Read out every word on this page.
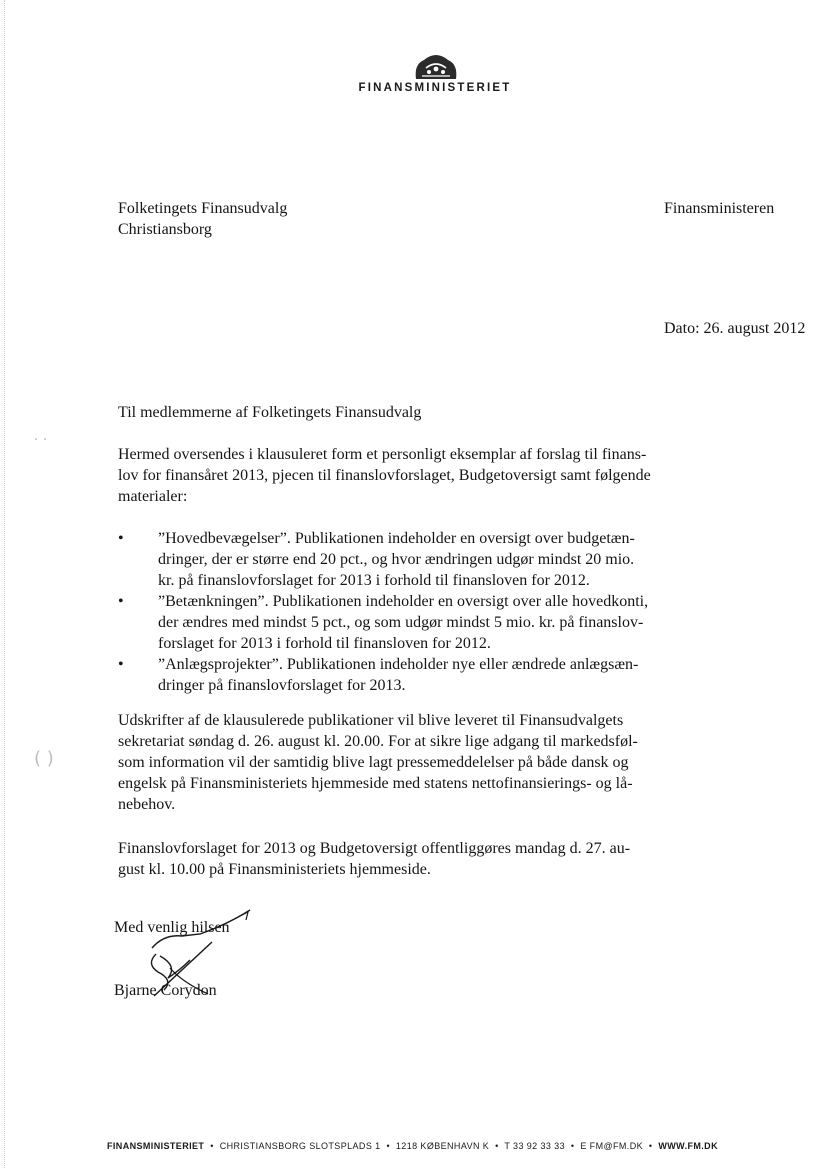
FINANSMINISTERIET
Folketingets Finansudvalg
Christiansborg
Finansministeren
Dato: 26. august 2012
Til medlemmerne af Folketingets Finansudvalg
Hermed oversendes i klausuleret form et personligt eksemplar af forslag til finans-
lov for finansåret 2013, pjecen til finanslovforslaget, Budgetoversigt samt følgende
materialer:
• ”Hovedbevægelser”. Publikationen indeholder en oversigt over budgetæn-
dringer, der er større end 20 pct., og hvor ændringen udgør mindst 20 mio.
kr. på finanslovforslaget for 2013 i forhold til finansloven for 2012.
• ”Betænkningen”. Publikationen indeholder en oversigt over alle hovedkonti,
der ændres med mindst 5 pct., og som udgør mindst 5 mio. kr. på finanslov-
forslaget for 2013 i forhold til finansloven for 2012.
• ”Anlægsprojekter”. Publikationen indeholder nye eller ændrede anlægsæn-
dringer på finanslovforslaget for 2013.
( )
· ·
Udskrifter af de klausulerede publikationer vil blive leveret til Finansudvalgets
sekretariat søndag d. 26. august kl. 20.00. For at sikre lige adgang til markedsføl-
som information vil der samtidig blive lagt pressemeddelelser på både dansk og
engelsk på Finansministeriets hjemmeside med statens nettofinansierings- og lå-
nebehov.
Finanslovforslaget for 2013 og Budgetoversigt offentliggøres mandag d. 27. au-
gust kl. 10.00 på Finansministeriets hjemmeside.
Med venlig hilsen
Bjarne Corydon
FINANSMINISTERIET • CHRISTIANSBORG SLOTSPLADS 1 • 1218 KØBENHAVN K • T 33 92 33 33 • E FM@FM.DK • WWW.FM.DK
